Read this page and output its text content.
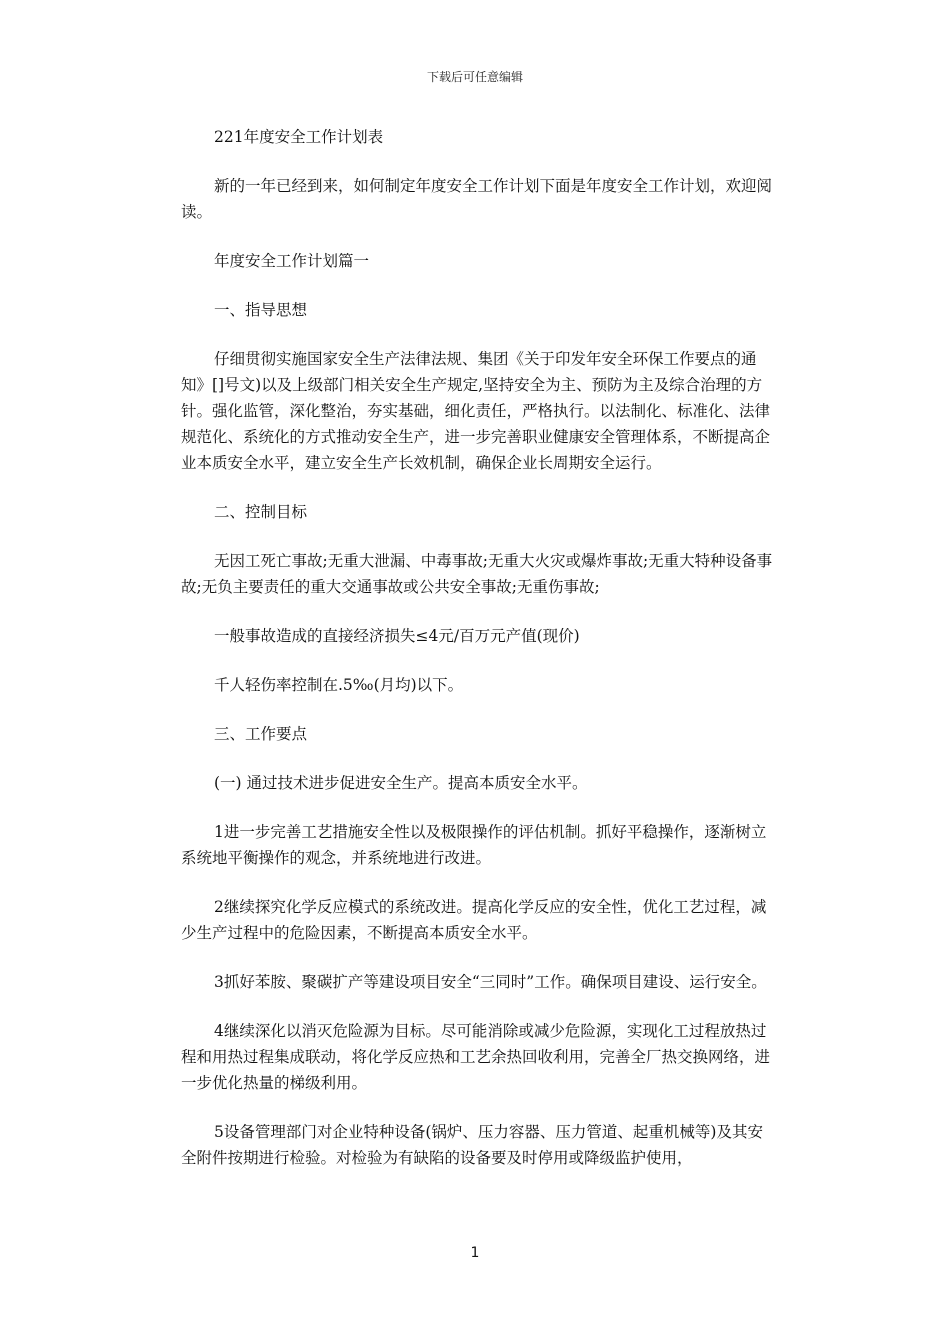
下载后可任意编辑

221年度安全工作计划表

新的一年已经到来，如何制定年度安全工作计划下面是年度安全工作计划，欢迎阅读。

年度安全工作计划篇一

一、指导思想

仔细贯彻实施国家安全生产法律法规、集团《关于印发年安全环保工作要点的通知》[]号文)以及上级部门相关安全生产规定,坚持安全为主、预防为主及综合治理的方针。强化监管，深化整治，夯实基础，细化责任，严格执行。以法制化、标准化、法律规范化、系统化的方式推动安全生产，进一步完善职业健康安全管理体系，不断提高企业本质安全水平，建立安全生产长效机制，确保企业长周期安全运行。

二、控制目标

无因工死亡事故;无重大泄漏、中毒事故;无重大火灾或爆炸事故;无重大特种设备事故;无负主要责任的重大交通事故或公共安全事故;无重伤事故;

一般事故造成的直接经济损失≤4元/百万元产值(现价)

千人轻伤率控制在.5‰(月均)以下。

三、工作要点

(一) 通过技术进步促进安全生产。提高本质安全水平。

1进一步完善工艺措施安全性以及极限操作的评估机制。抓好平稳操作，逐渐树立系统地平衡操作的观念，并系统地进行改进。

2继续探究化学反应模式的系统改进。提高化学反应的安全性，优化工艺过程，减少生产过程中的危险因素，不断提高本质安全水平。

3抓好苯胺、聚碳扩产等建设项目安全“三同时”工作。确保项目建设、运行安全。

4继续深化以消灭危险源为目标。尽可能消除或减少危险源，实现化工过程放热过程和用热过程集成联动，将化学反应热和工艺余热回收利用，完善全厂热交换网络，进一步优化热量的梯级利用。

5设备管理部门对企业特种设备(锅炉、压力容器、压力管道、起重机械等)及其安全附件按期进行检验。对检验为有缺陷的设备要及时停用或降级监护使用，

1
